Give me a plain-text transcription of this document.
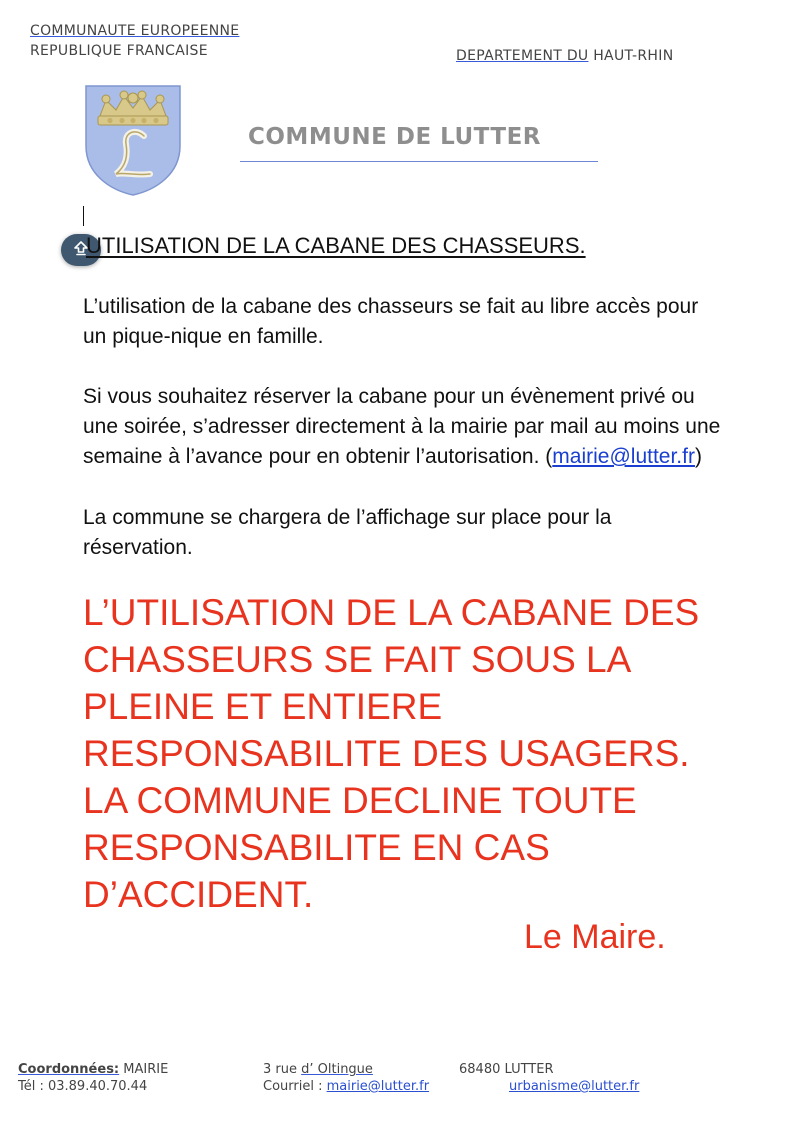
COMMUNAUTE EUROPEENNE
REPUBLIQUE FRANCAISE	DEPARTEMENT DU HAUT-RHIN
COMMUNE DE LUTTER
UTILISATION DE LA CABANE DES CHASSEURS.
L’utilisation de la cabane des chasseurs se fait au libre accès pour un pique-nique en famille.
Si vous souhaitez réserver la cabane pour un évènement privé ou une soirée, s’adresser directement à la mairie par mail au moins une semaine à l’avance pour en obtenir l’autorisation. (mairie@lutter.fr)
La commune se chargera de l’affichage sur place pour la réservation.
L’UTILISATION DE LA CABANE DES CHASSEURS SE FAIT SOUS LA PLEINE ET ENTIERE RESPONSABILITE DES USAGERS. LA COMMUNE DECLINE TOUTE RESPONSABILITE EN CAS D’ACCIDENT.
Le Maire.
Coordonnées: MAIRIE
Tél : 03.89.40.70.44
3 rue d’ Oltingue
Courriel : mairie@lutter.fr
68480 LUTTER
urbanisme@lutter.fr
